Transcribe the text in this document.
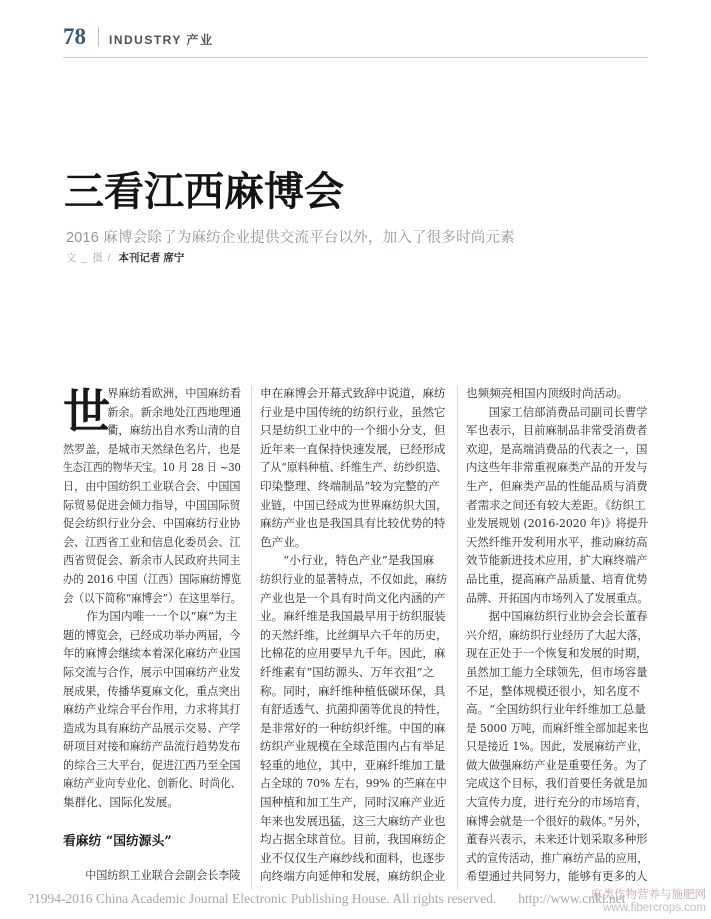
78 INDUSTRY 产业
三看江西麻博会
2016 麻博会除了为麻纺企业提供交流平台以外，加入了很多时尚元素
文 _ 摄 / 本刊记者 席宁
世
界麻纺看欧洲，中国麻纺看
新余。新余地处江西地理通
衢，麻纺出自水秀山清的自
然罗盖，是城市天然绿色名片，也是
生态江西的物华天宝。10 月 28 日 ~30
日，由中国纺织工业联合会、中国国
际贸易促进会倾力指导，中国国际贸
促会纺织行业分会、中国麻纺行业协
会、江西省工业和信息化委员会、江
西省贸促会、新余市人民政府共同主
办的 2016 中国（江西）国际麻纺博览
会（以下简称“麻博会”）在这里举行。
　　作为国内唯一一个以“麻”为主
题的博览会，已经成功举办两届，今
年的麻博会继续本着深化麻纺产业国
际交流与合作，展示中国麻纺产业发
展成果，传播华夏麻文化，重点突出
麻纺产业综合平台作用，力求将其打
造成为具有麻纺产品展示交易、产学
研项目对接和麻纺产品流行趋势发布
的综合三大平台，促进江西乃至全国
麻纺产业向专业化、创新化、时尚化、
集群化、国际化发展。
看麻纺 “国纺源头”
　　中国纺织工业联合会副会长李陵
申在麻博会开幕式致辞中说道，麻纺
行业是中国传统的纺织行业，虽然它
只是纺织工业中的一个细小分支，但
近年来一直保持快速发展，已经形成
了从“原料种植、纤维生产、纺纱织造、
印染整理、终端制品”较为完整的产
业链，中国已经成为世界麻纺织大国，
麻纺产业也是我国具有比较优势的特
色产业。
　　“小行业，特色产业”是我国麻
纺织行业的显著特点，不仅如此，麻纺
产业也是一个具有时尚文化内涵的产
业。麻纤维是我国最早用于纺织服装
的天然纤维，比丝绸早六千年的历史，
比棉花的应用要早九千年。因此，麻
纤维素有“国纺源头、万年衣祖”之
称。同时，麻纤维种植低碳环保，具
有舒适透气、抗菌抑菌等优良的特性，
是非常好的一种纺织纤维。中国的麻
纺织产业规模在全球范围内占有举足
轻重的地位，其中，亚麻纤维加工量
占全球的 70% 左右，99% 的苎麻在中
国种植和加工生产，同时汉麻产业近
年来也发展迅猛，这三大麻纺产业也
均占据全球首位。目前，我国麻纺企
业不仅仅生产麻纱线和面料，也逐步
向终端方向延伸和发展，麻纺织企业
也频频亮相国内顶级时尚活动。
　　国家工信部消费品司副司长曹学
军也表示，目前麻制品非常受消费者
欢迎，是高端消费品的代表之一，国
内这些年非常重视麻类产品的开发与
生产，但麻类产品的性能品质与消费
者需求之间还有较大差距。《纺织工
业发展规划 (2016-2020 年)》将提升
天然纤维开发利用水平，推动麻纺高
效节能新进技术应用，扩大麻终端产
品比重，提高麻产品质量、培育优势
品牌、开拓国内市场列入了发展重点。
　　据中国麻纺织行业协会会长董春
兴介绍，麻纺织行业经历了大起大落，
现在正处于一个恢复和发展的时期，
虽然加工能力全球领先，但市场容量
不足，整体规模还很小，知名度不
高。“全国纺织行业年纤维加工总量
是 5000 万吨，而麻纤维全部加起来也
只是接近 1%。因此，发展麻纺产业，
做大做强麻纺产业是重要任务。为了
完成这个目标，我们首要任务就是加
大宣传力度，进行充分的市场培育，
麻博会就是一个很好的载体。”另外，
董春兴表示，未来还计划采取多种形
式的宣传活动，推广麻纺产品的应用，
希望通过共同努力，能够有更多的人
?1994-2016 China Academic Journal Electronic Publishing House. All rights reserved. http://www.cnki.net
麻类作物营养与施肥网
www.fibercrops.com
